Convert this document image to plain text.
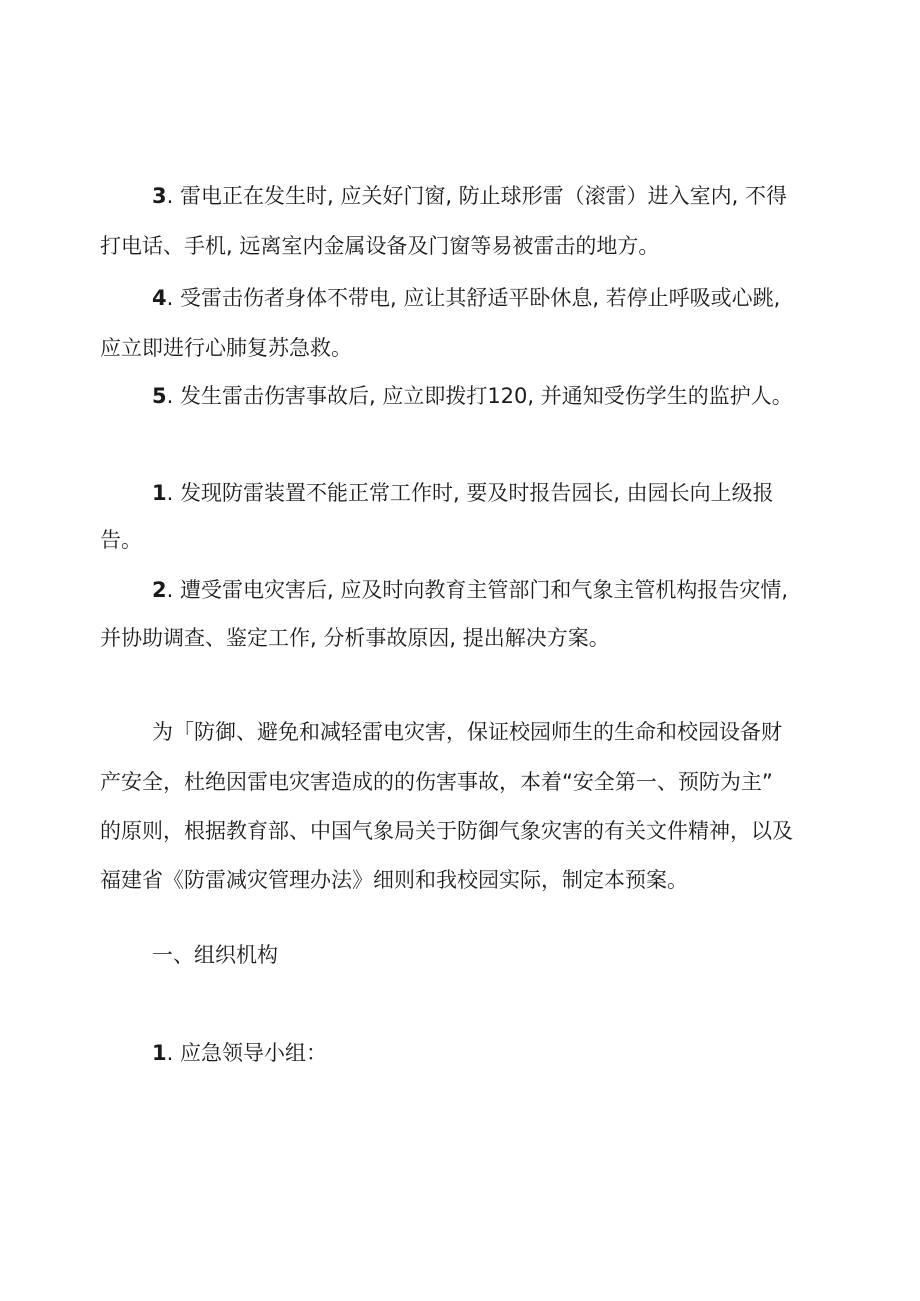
3. 雷电正在发生时, 应关好门窗, 防止球形雷（滚雷）进入室内, 不得
打电话、手机, 远离室内金属设备及门窗等易被雷击的地方。
4. 受雷击伤者身体不带电, 应让其舒适平卧休息, 若停止呼吸或心跳,
应立即进行心肺复苏急救。
5. 发生雷击伤害事故后, 应立即拨打120, 并通知受伤学生的监护人。
1. 发现防雷装置不能正常工作时, 要及时报告园长, 由园长向上级报
告。
2. 遭受雷电灾害后, 应及时向教育主管部门和气象主管机构报告灾情,
并协助调查、鉴定工作, 分析事故原因, 提出解决方案。
为「防御、避免和减轻雷电灾害，保证校园师生的生命和校园设备财
产安全，杜绝因雷电灾害造成的的伤害事故，本着“安全第一、预防为主”
的原则，根据教育部、中国气象局关于防御气象灾害的有关文件精神，以及
福建省《防雷减灾管理办法》细则和我校园实际，制定本预案。
一、组织机构
1. 应急领导小组：
